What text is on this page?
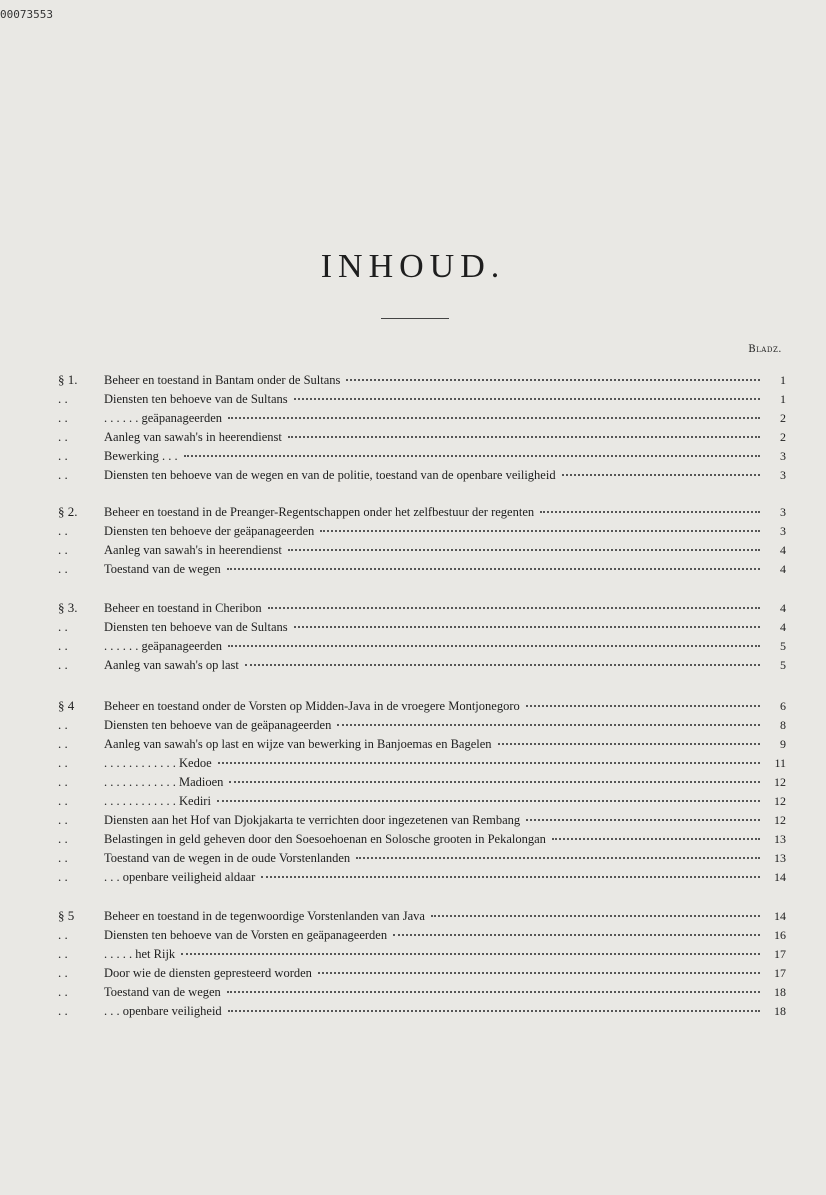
00073553
INHOUD.
Bladz.
§ 1.	Beheer en toestand in Bantam onder de Sultans	1
. .	Diensten ten behoeve van de Sultans	1
. .	. . . . . . geäpanageerden	2
. .	Aanleg van sawah's in heerendienst	2
. .	Bewerking . . .	3
. .	Diensten ten behoeve van de wegen en van de politie, toestand van de openbare veiligheid	3
§ 2.	Beheer en toestand in de Preanger-Regentschappen onder het zelfbestuur der regenten	3
. .	Diensten ten behoeve der geäpanageerden	3
. .	Aanleg van sawah's in heerendienst	4
. .	Toestand van de wegen	4
§ 3.	Beheer en toestand in Cheribon	4
. .	Diensten ten behoeve van de Sultans	4
. .	. . . . . . geäpanageerden	5
. .	Aanleg van sawah's op last	5
§ 4	Beheer en toestand onder de Vorsten op Midden-Java in de vroegere Montjonegoro	6
. .	Diensten ten behoeve van de geäpanageerden	8
. .	Aanleg van sawah's op last en wijze van bewerking in Banjoemas en Bagelen	9
. .	. . . . . . . . . . . . Kedoe	11
. .	. . . . . . . . . . . . Madioen	12
. .	. . . . . . . . . . . . Kediri	12
. .	Diensten aan het Hof van Djokjakarta te verrichten door ingezetenen van Rembang	12
. .	Belastingen in geld geheven door den Soesoehoenan en Solosche grooten in Pekalongan	13
. .	Toestand van de wegen in de oude Vorstenlanden	13
. .	. . . openbare veiligheid aldaar	14
§ 5	Beheer en toestand in de tegenwoordige Vorstenlanden van Java	14
. .	Diensten ten behoeve van de Vorsten en geäpanageerden	16
. .	. . . . . het Rijk	17
. .	Door wie de diensten gepresteerd worden	17
. .	Toestand van de wegen	18
. .	. . . openbare veiligheid	18
